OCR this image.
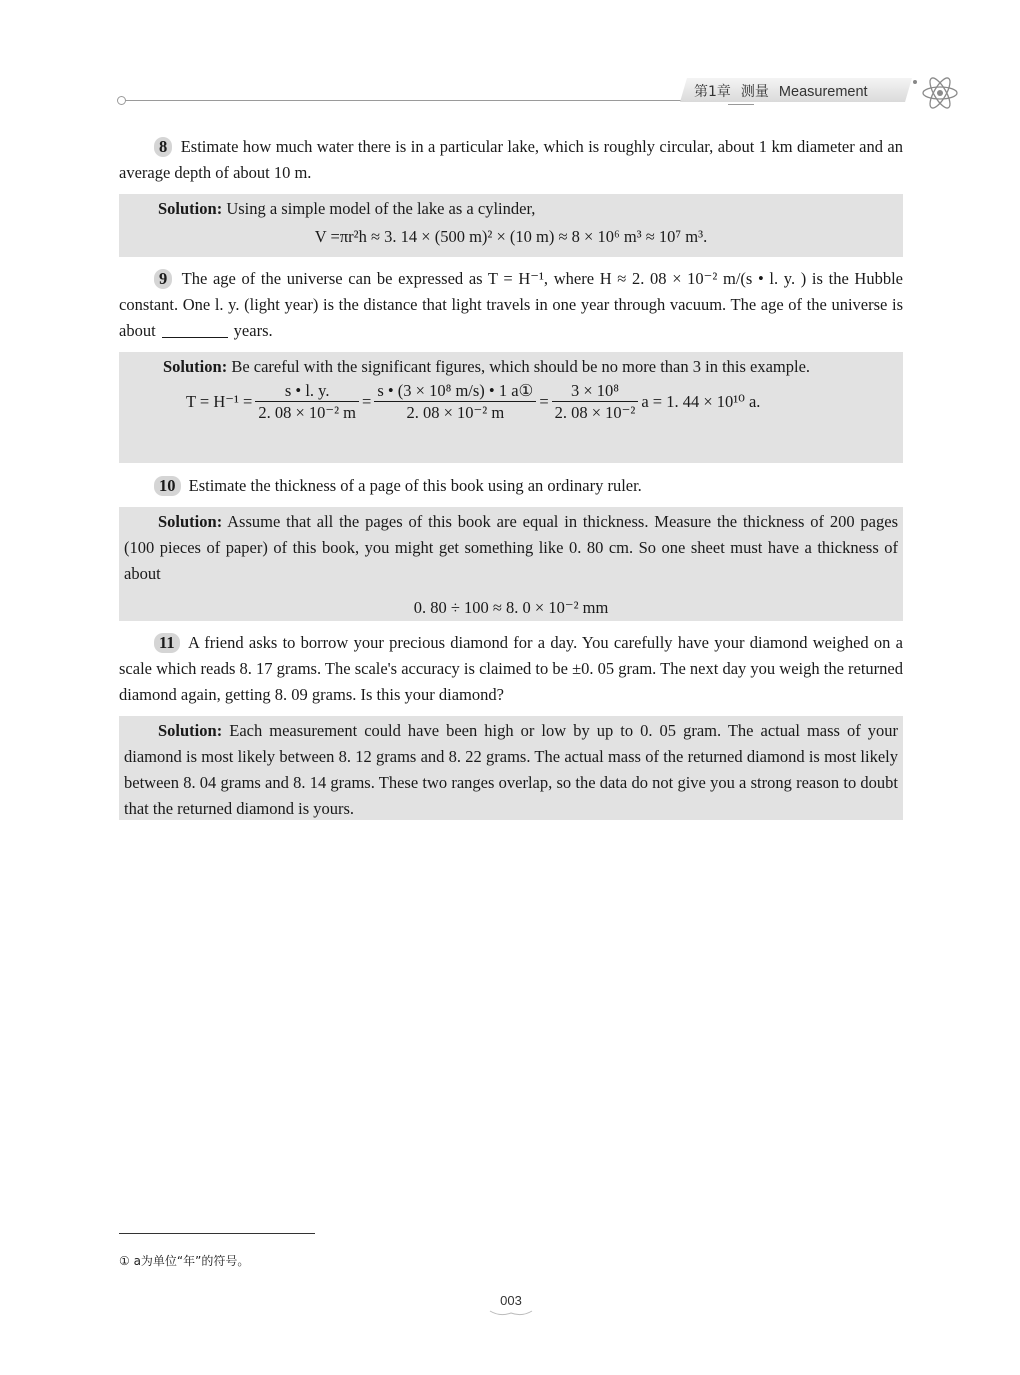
第1章 测量 Measurement
8 Estimate how much water there is in a particular lake, which is roughly circular, about 1 km diameter and an average depth of about 10 m.
Solution: Using a simple model of the lake as a cylinder,
V =πr²h ≈ 3. 14 × (500 m)² × (10 m) ≈ 8 × 10⁶ m³ ≈ 10⁷ m³.
9 The age of the universe can be expressed as T = H⁻¹, where H ≈ 2. 08 × 10⁻² m/(s • l. y. ) is the Hubble constant. One l. y. (light year) is the distance that light travels in one year through vacuum. The age of the universe is about	years.
Solution: Be careful with the significant figures, which should be no more than 3 in this example.
$T = H^{-1} = \frac{s • l. y.}{\text{2. 08 × 10⁻² m}} = \frac{\text{s • (3 × 10⁸ m/s) • 1 a①}}{\text{2. 08 × 10⁻² m}} = \frac{\text{3 × 10⁸}}{\text{2. 08 × 10⁻²}}$ a = 1. 44 × 10¹⁰ a.
10 Estimate the thickness of a page of this book using an ordinary ruler.
Solution: Assume that all the pages of this book are equal in thickness. Measure the thickness of 200 pages (100 pieces of paper) of this book, you might get something like 0. 80 cm. So one sheet must have a thickness of about
0. 80 ÷ 100 ≈ 8. 0 × 10⁻² mm
11 A friend asks to borrow your precious diamond for a day. You carefully have your diamond weighed on a scale which reads 8. 17 grams. The scale's accuracy is claimed to be ±0. 05 gram. The next day you weigh the returned diamond again, getting 8. 09 grams. Is this your diamond?
Solution: Each measurement could have been high or low by up to 0. 05 gram. The actual mass of your diamond is most likely between 8. 12 grams and 8. 22 grams. The actual mass of the returned diamond is most likely between 8. 04 grams and 8. 14 grams. These two ranges overlap, so the data do not give you a strong reason to doubt that the returned diamond is yours.
① a为单位“年”的符号。
003
